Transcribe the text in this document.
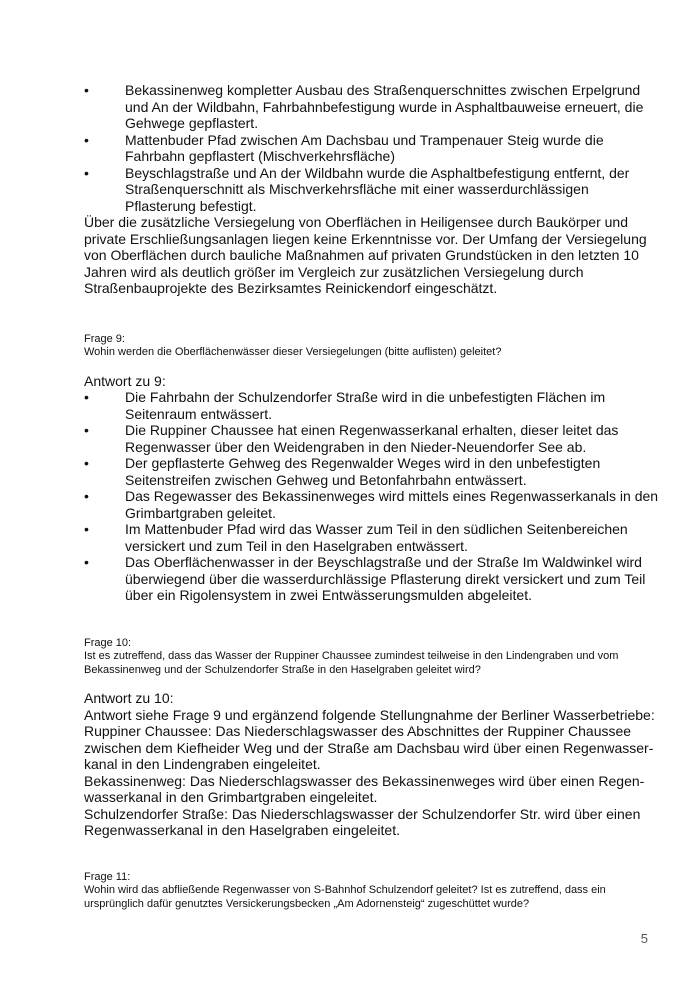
• Bekassinenweg kompletter Ausbau des Straßenquerschnittes zwischen Erpelgrund und An der Wildbahn, Fahrbahnbefestigung wurde in Asphaltbauweise erneuert, die Gehwege gepflastert.
• Mattenbuder Pfad zwischen Am Dachsbau und Trampenauer Steig wurde die Fahrbahn gepflastert (Mischverkehrsfläche)
• Beyschlagstraße und An der Wildbahn wurde die Asphaltbefestigung entfernt, der Straßenquerschnitt als Mischverkehrsfläche mit einer wasserdurchlässigen Pflasterung befestigt.
Über die zusätzliche Versiegelung von Oberflächen in Heiligensee durch Baukörper und private Erschließungsanlagen liegen keine Erkenntnisse vor. Der Umfang der Versiegelung von Oberflächen durch bauliche Maßnahmen auf privaten Grundstücken in den letzten 10 Jahren wird als deutlich größer im Vergleich zur zusätzlichen Versiegelung durch Straßenbauprojekte des Bezirksamtes Reinickendorf eingeschätzt.
Frage 9:
Wohin werden die Oberflächenwässer dieser Versiegelungen (bitte auflisten) geleitet?
Antwort zu 9:
• Die Fahrbahn der Schulzendorfer Straße wird in die unbefestigten Flächen im Seitenraum entwässert.
• Die Ruppiner Chaussee hat einen Regenwasserkanal erhalten, dieser leitet das Regenwasser über den Weidengraben in den Nieder-Neuendorfer See ab.
• Der gepflasterte Gehweg des Regenwalder Weges wird in den unbefestigten Seitenstreifen zwischen Gehweg und Betonfahrbahn entwässert.
• Das Regewasser des Bekassinenweges wird mittels eines Regenwasserkanals in den Grimbartgraben geleitet.
• Im Mattenbuder Pfad wird das Wasser zum Teil in den südlichen Seitenbereichen versickert und zum Teil in den Haselgraben entwässert.
• Das Oberflächenwasser in der Beyschlagstraße und der Straße Im Waldwinkel wird überwiegend über die wasserdurchlässige Pflasterung direkt versickert und zum Teil über ein Rigolensystem in zwei Entwässerungsmulden abgeleitet.
Frage 10:
Ist es zutreffend, dass das Wasser der Ruppiner Chaussee zumindest teilweise in den Lindengraben und vom Bekassinenweg und der Schulzendorfer Straße in den Haselgraben geleitet wird?
Antwort zu 10:
Antwort siehe Frage 9 und ergänzend folgende Stellungnahme der Berliner Wasserbetriebe:
Ruppiner Chaussee: Das Niederschlagswasser des Abschnittes der Ruppiner Chaussee zwischen dem Kiefheider Weg und der Straße am Dachsbau wird über einen Regenwasser-kanal in den Lindengraben eingeleitet.
Bekassinenweg: Das Niederschlagswasser des Bekassinenweges wird über einen Regen-wasserkanal in den Grimbartgraben eingeleitet.
Schulzendorfer Straße: Das Niederschlagswasser der Schulzendorfer Str. wird über einen Regenwasserkanal in den Haselgraben eingeleitet.
Frage 11:
Wohin wird das abfließende Regenwasser von S-Bahnhof Schulzendorf geleitet? Ist es zutreffend, dass ein ursprünglich dafür genutztes Versickerungsbecken „Am Adornensteig“ zugeschüttet wurde?
5
